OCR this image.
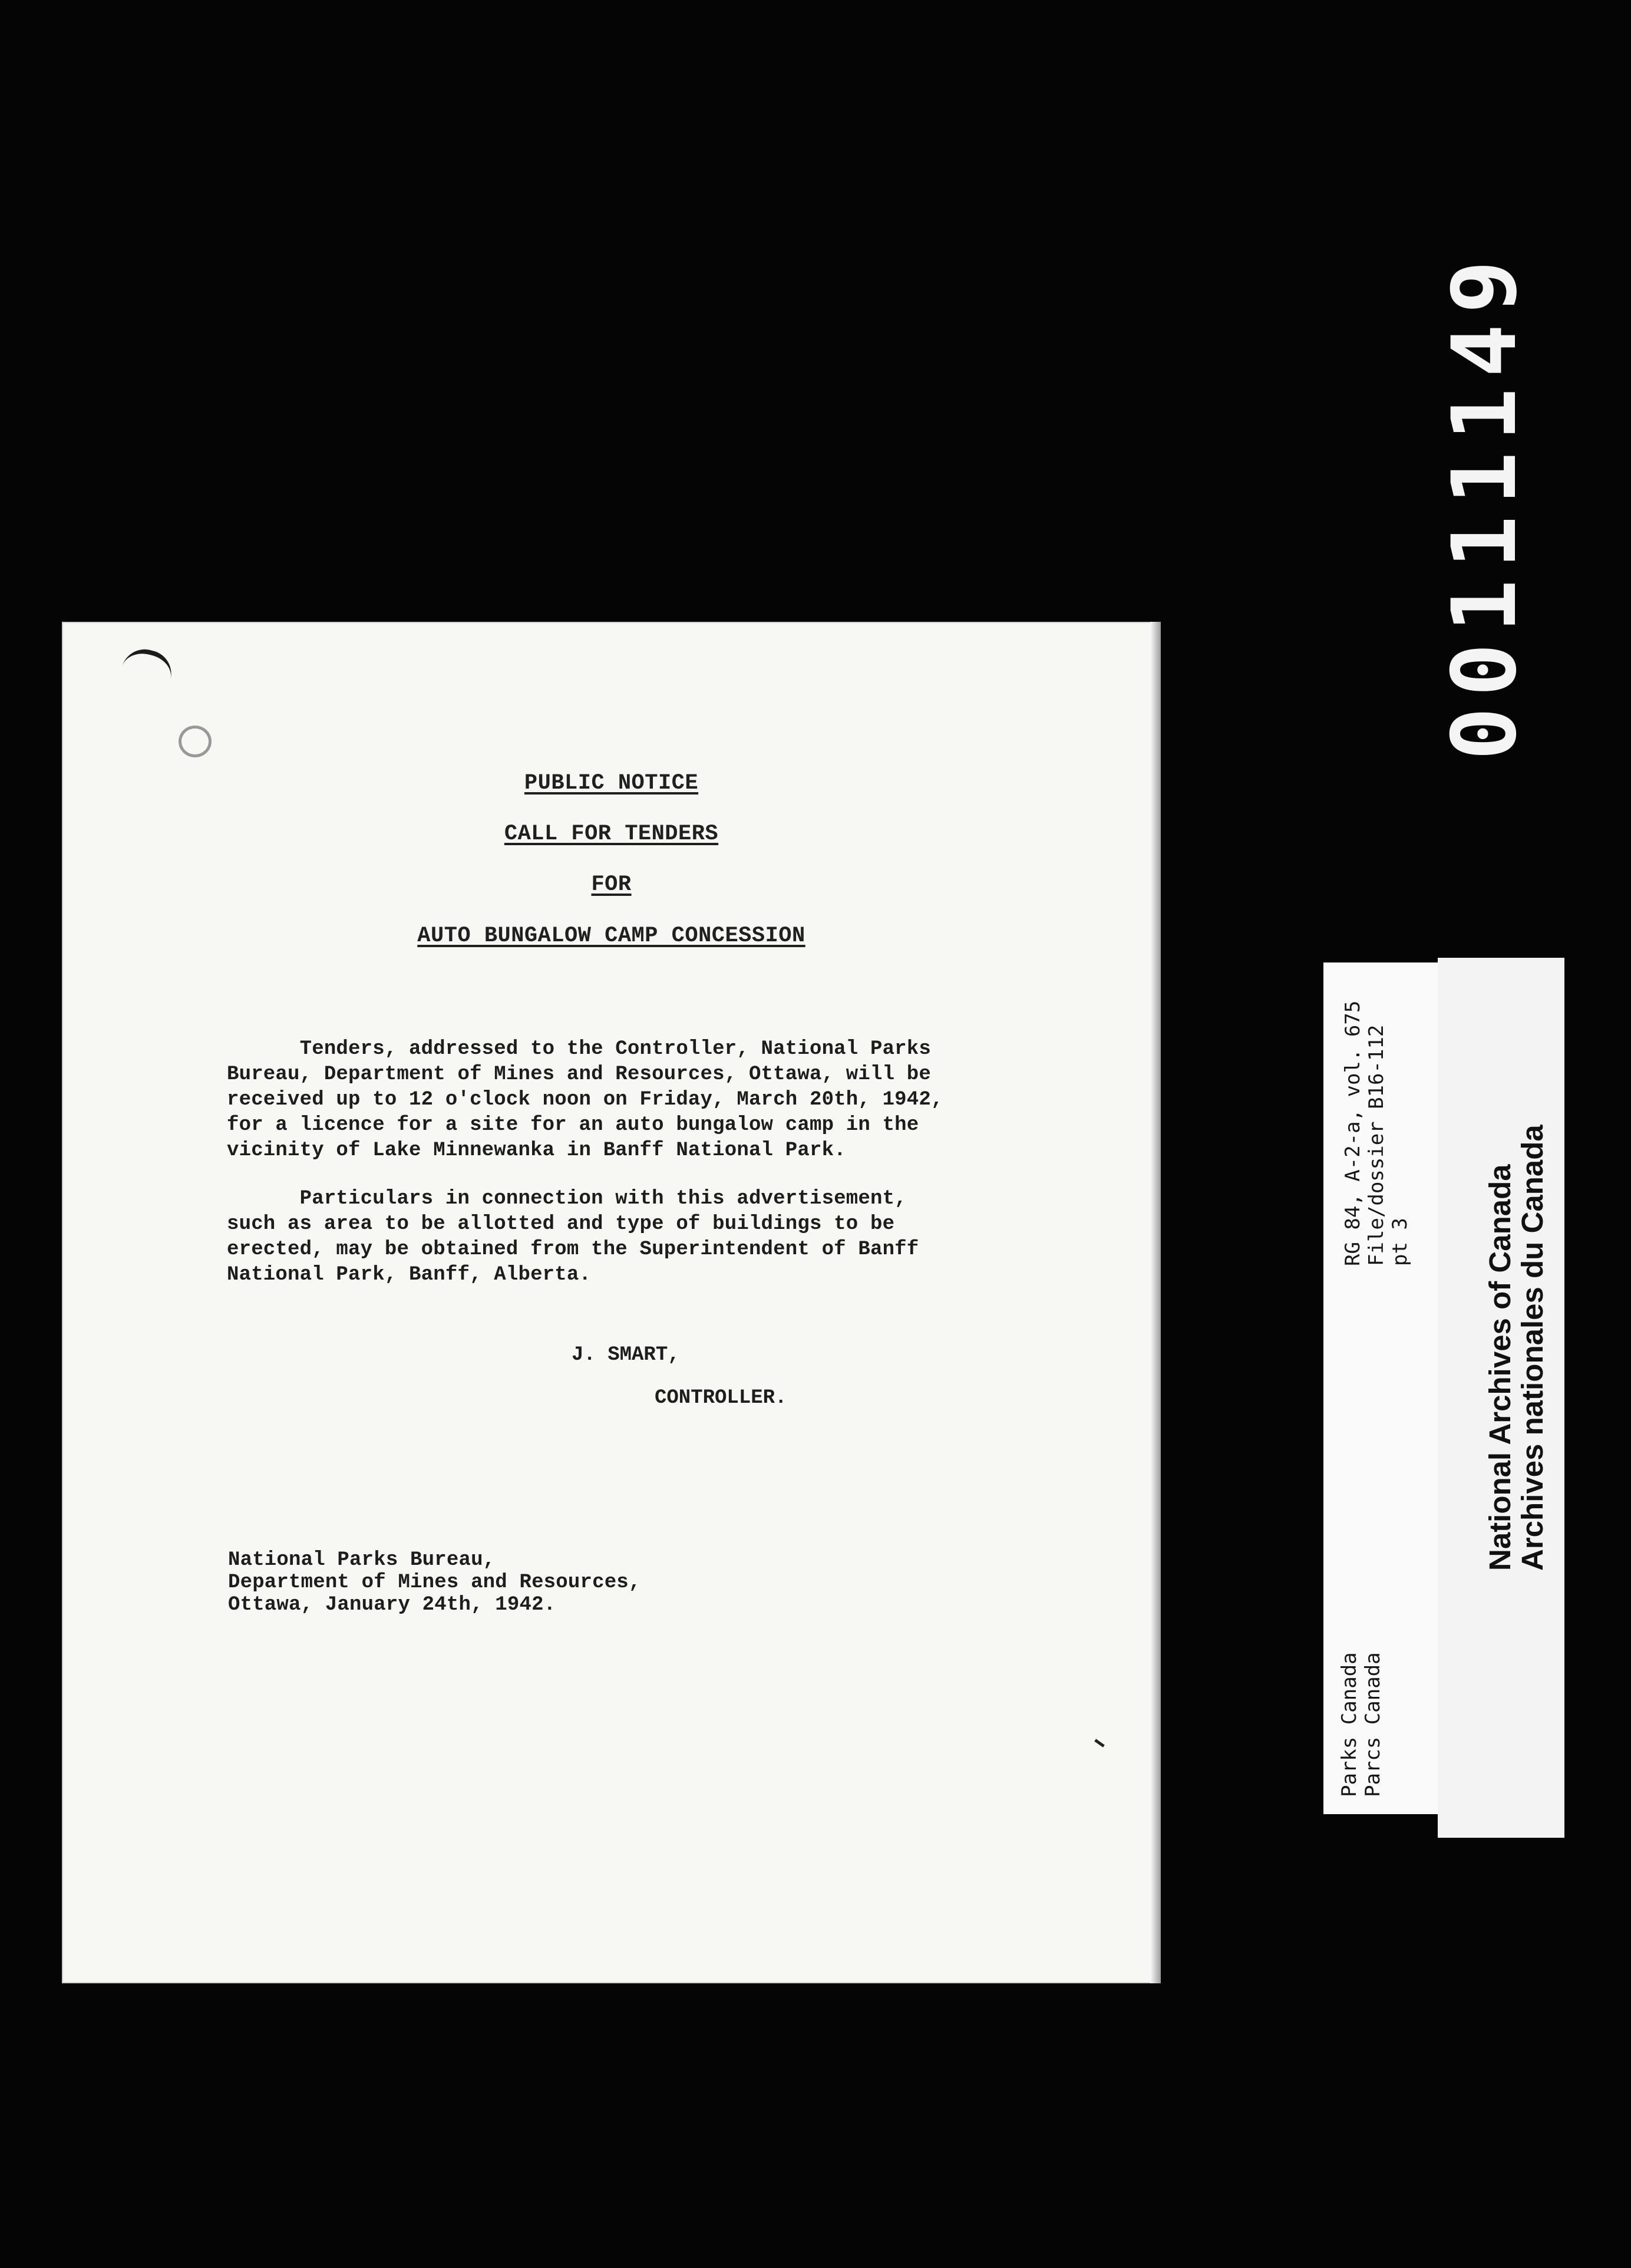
00111149
PUBLIC NOTICE
CALL FOR TENDERS
FOR
AUTO BUNGALOW CAMP CONCESSION
Tenders, addressed to the Controller, National Parks
Bureau, Department of Mines and Resources, Ottawa, will be
received up to 12 o'clock noon on Friday, March 20th, 1942,
for a licence for a site for an auto bungalow camp in the
vicinity of Lake Minnewanka in Banff National Park.
Particulars in connection with this advertisement,
such as area to be allotted and type of buildings to be
erected, may be obtained from the Superintendent of Banff
National Park, Banff, Alberta.
J. SMART,
CONTROLLER.
National Parks Bureau,
Department of Mines and Resources,
Ottawa, January 24th, 1942.
RG 84, A-2-a, vol. 675
File/dossier B16-112
pt 3
Parks Canada
Parcs Canada
National Archives of Canada
Archives nationales du Canada
